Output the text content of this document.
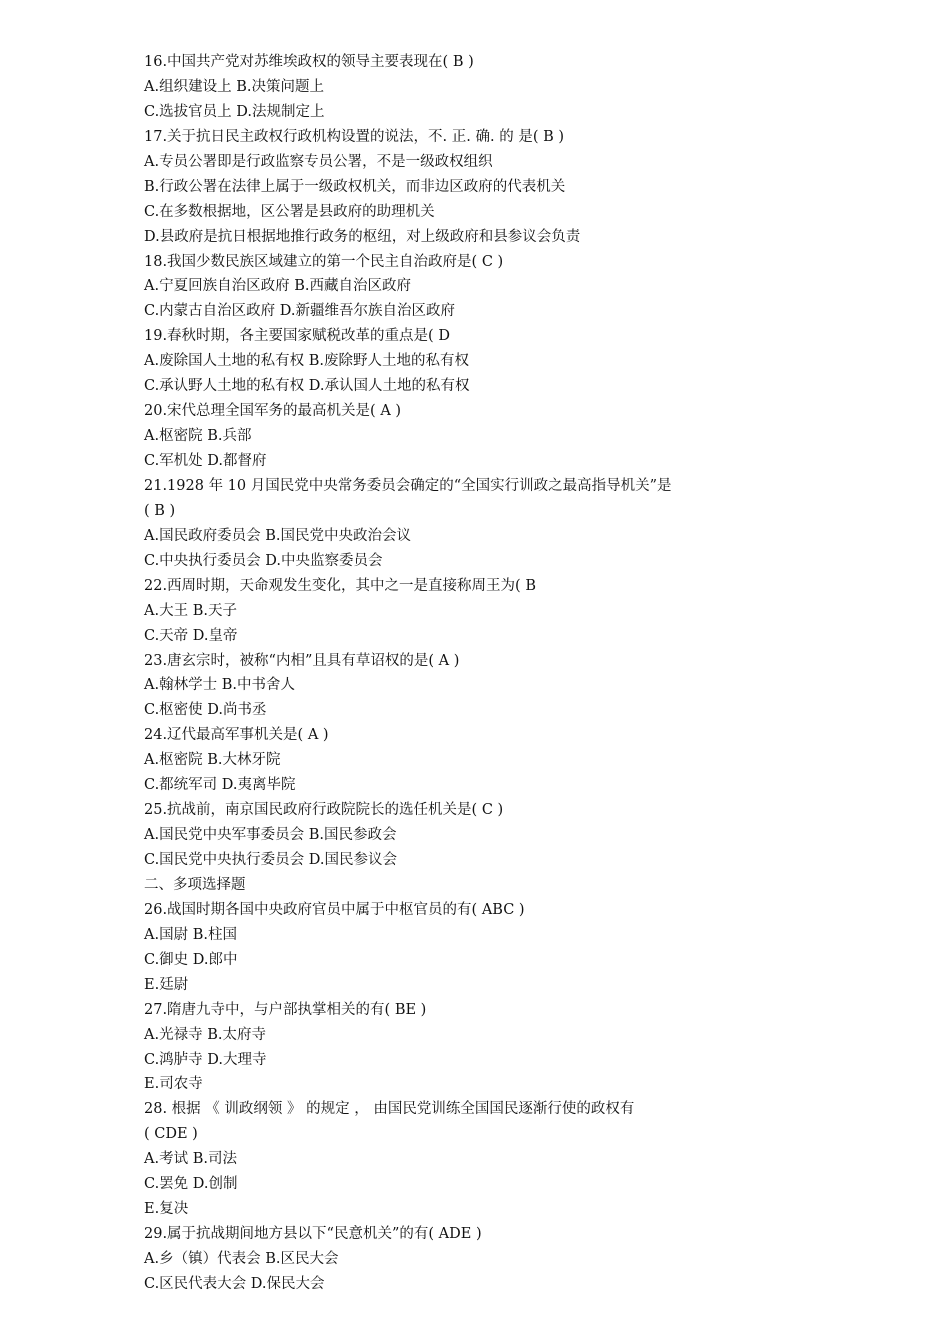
16.中国共产党对苏维埃政权的领导主要表现在( B )
A.组织建设上 B.决策问题上
C.选拔官员上 D.法规制定上
17.关于抗日民主政权行政机构设置的说法，不. 正. 确. 的 是( B )
A.专员公署即是行政监察专员公署，不是一级政权组织
B.行政公署在法律上属于一级政权机关，而非边区政府的代表机关
C.在多数根据地，区公署是县政府的助理机关
D.县政府是抗日根据地推行政务的枢纽，对上级政府和县参议会负责
18.我国少数民族区域建立的第一个民主自治政府是( C )
A.宁夏回族自治区政府 B.西藏自治区政府
C.内蒙古自治区政府 D.新疆维吾尔族自治区政府
19.春秋时期，各主要国家赋税改革的重点是( D
A.废除国人土地的私有权 B.废除野人土地的私有权
C.承认野人土地的私有权 D.承认国人土地的私有权
20.宋代总理全国军务的最高机关是( A )
A.枢密院 B.兵部
C.军机处 D.都督府
21.1928 年 10 月国民党中央常务委员会确定的“全国实行训政之最高指导机关”是
( B )
A.国民政府委员会 B.国民党中央政治会议
C.中央执行委员会 D.中央监察委员会
22.西周时期，天命观发生变化，其中之一是直接称周王为( B
A.大王 B.天子
C.天帝 D.皇帝
23.唐玄宗时，被称“内相”且具有草诏权的是( A )
A.翰林学士 B.中书舍人
C.枢密使 D.尚书丞
24.辽代最高军事机关是( A )
A.枢密院 B.大林牙院
C.都统军司 D.夷离毕院
25.抗战前，南京国民政府行政院院长的选任机关是( C )
A.国民党中央军事委员会 B.国民参政会
C.国民党中央执行委员会 D.国民参议会
二、多项选择题
26.战国时期各国中央政府官员中属于中枢官员的有( ABC )
A.国尉 B.柱国
C.御史 D.郎中
E.廷尉
27.隋唐九寺中，与户部执掌相关的有( BE )
A.光禄寺 B.太府寺
C.鸿胪寺 D.大理寺
E.司农寺
28. 根据 《 训政纲领 》 的规定 ， 由国民党训练全国国民逐渐行使的政权有
( CDE )
A.考试 B.司法
C.罢免 D.创制
E.复决
29.属于抗战期间地方县以下“民意机关”的有( ADE )
A.乡（镇）代表会 B.区民大会
C.区民代表大会 D.保民大会
